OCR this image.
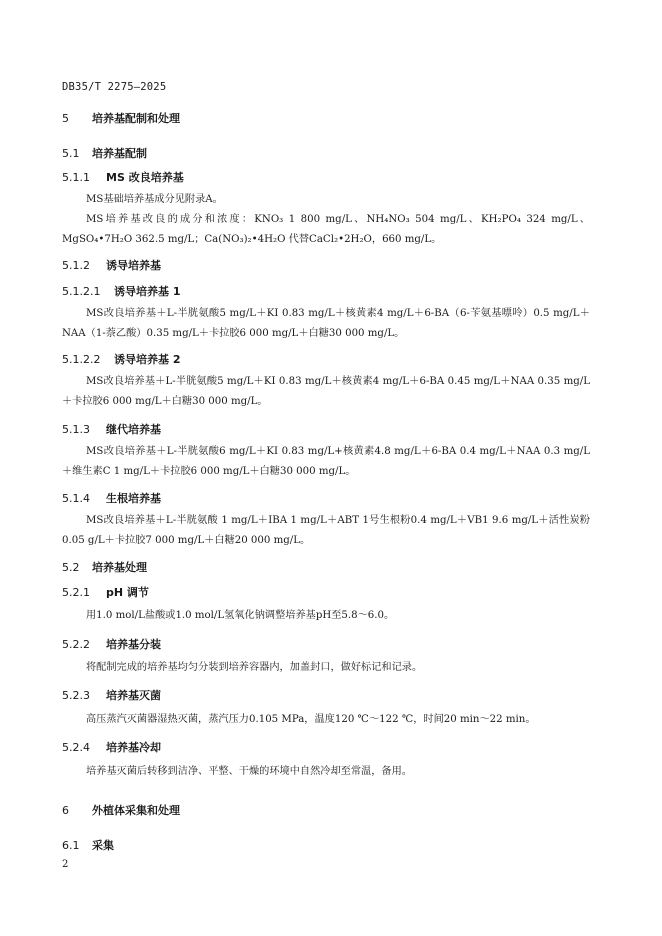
DB35/T 2275—2025
5 培养基配制和处理
5.1 培养基配制
5.1.1 MS 改良培养基
MS基础培养基成分见附录A。
MS培养基改良的成分和浓度：KNO₃ 1 800 mg/L、NH₄NO₃ 504 mg/L、KH₂PO₄ 324 mg/L、MgSO₄•7H₂O 362.5 mg/L；Ca(NO₃)₂•4H₂O 代替CaCl₂•2H₂O，660 mg/L。
5.1.2 诱导培养基
5.1.2.1 诱导培养基 1
MS改良培养基＋L-半胱氨酸5 mg/L＋KI 0.83 mg/L＋核黄素4 mg/L＋6-BA（6-苄氨基嘌呤）0.5 mg/L＋NAA（1-萘乙酸）0.35 mg/L＋卡拉胶6 000 mg/L＋白糖30 000 mg/L。
5.1.2.2 诱导培养基 2
MS改良培养基＋L-半胱氨酸5 mg/L＋KI 0.83 mg/L＋核黄素4 mg/L＋6-BA 0.45 mg/L＋NAA 0.35 mg/L＋卡拉胶6 000 mg/L＋白糖30 000 mg/L。
5.1.3 继代培养基
MS改良培养基＋L-半胱氨酸6 mg/L＋KI 0.83 mg/L+核黄素4.8 mg/L＋6-BA 0.4 mg/L＋NAA 0.3 mg/L＋维生素C 1 mg/L＋卡拉胶6 000 mg/L＋白糖30 000 mg/L。
5.1.4 生根培养基
MS改良培养基＋L-半胱氨酸 1 mg/L＋IBA 1 mg/L＋ABT 1号生根粉0.4 mg/L＋VB1 9.6 mg/L＋活性炭粉0.05 g/L＋卡拉胶7 000 mg/L＋白糖20 000 mg/L。
5.2 培养基处理
5.2.1 pH 调节
用1.0 mol/L盐酸或1.0 mol/L氢氧化钠调整培养基pH至5.8～6.0。
5.2.2 培养基分装
将配制完成的培养基均匀分装到培养容器内，加盖封口，做好标记和记录。
5.2.3 培养基灭菌
高压蒸汽灭菌器湿热灭菌，蒸汽压力0.105 MPa，温度120 ℃～122 ℃，时间20 min～22 min。
5.2.4 培养基冷却
培养基灭菌后转移到洁净、平整、干燥的环境中自然冷却至常温，备用。
6 外植体采集和处理
6.1 采集
2
